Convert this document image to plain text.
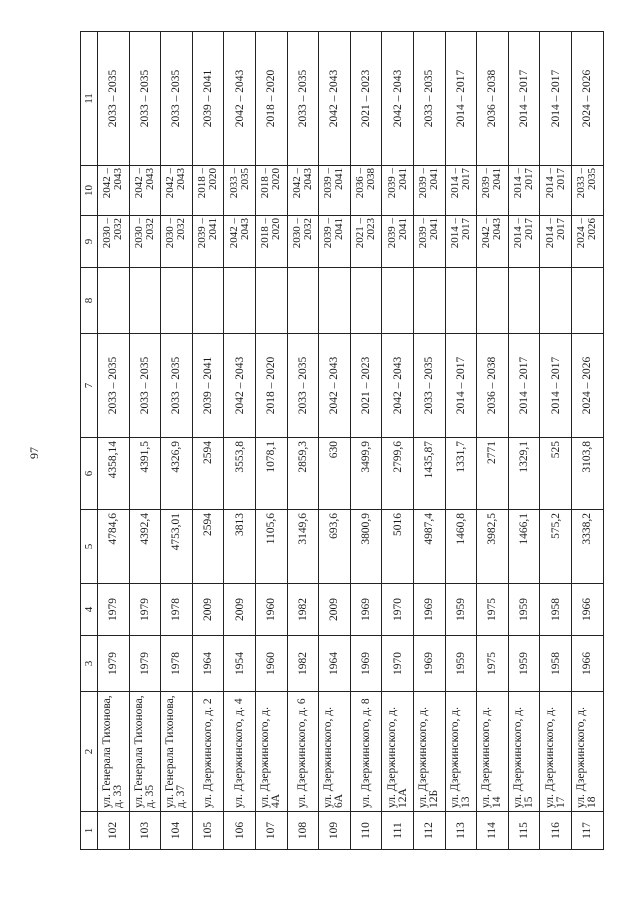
97
1	2	3	4	5	6	7	8	9	10	11
102	ул. Генерала Тихонова, д. 33	1979	1979	4784,6	4358,14	2033 – 2035		2030 – 2032	2042 – 2043	2033 – 2035
103	ул. Генерала Тихонова, д. 35	1979	1979	4392,4	4391,5	2033 – 2035		2030 – 2032	2042 – 2043	2033 – 2035
104	ул. Генерала Тихонова, д. 37	1978	1978	4753,01	4326,9	2033 – 2035		2030 – 2032	2042 – 2043	2033 – 2035
105	ул. Дзержинского, д. 2	1964	2009	2594	2594	2039 – 2041		2039 – 2041	2018 – 2020	2039 – 2041
106	ул. Дзержинского, д. 4	1954	2009	3813	3553,8	2042 – 2043		2042 – 2043	2033 – 2035	2042 – 2043
107	ул. Дзержинского, д. 4А	1960	1960	1105,6	1078,1	2018 – 2020		2018 – 2020	2018 – 2020	2018 – 2020
108	ул. Дзержинского, д. 6	1982	1982	3149,6	2859,3	2033 – 2035		2030 – 2032	2042 – 2043	2033 – 2035
109	ул. Дзержинского, д. 6А	1964	2009	693,6	630	2042 – 2043		2039 – 2041	2039 – 2041	2042 – 2043
110	ул. Дзержинского, д. 8	1969	1969	3800,9	3499,9	2021 – 2023		2021 – 2023	2036 – 2038	2021 – 2023
111	ул. Дзержинского, д. 12А	1970	1970	5016	2799,6	2042 – 2043		2039 – 2041	2039 – 2041	2042 – 2043
112	ул. Дзержинского, д. 12Б	1969	1969	4987,4	1435,87	2033 – 2035		2039 – 2041	2039 – 2041	2033 – 2035
113	ул. Дзержинского, д. 13	1959	1959	1460,8	1331,7	2014 – 2017		2014 – 2017	2014 – 2017	2014 – 2017
114	ул. Дзержинского, д. 14	1975	1975	3982,5	2771	2036 – 2038		2042 – 2043	2039 – 2041	2036 – 2038
115	ул. Дзержинского, д. 15	1959	1959	1466,1	1329,1	2014 – 2017		2014 – 2017	2014 – 2017	2014 – 2017
116	ул. Дзержинского, д. 17	1958	1958	575,2	525	2014 – 2017		2014 – 2017	2014 – 2017	2014 – 2017
117	ул. Дзержинского, д. 18	1966	1966	3338,2	3103,8	2024 – 2026		2024 – 2026	2033 – 2035	2024 – 2026
